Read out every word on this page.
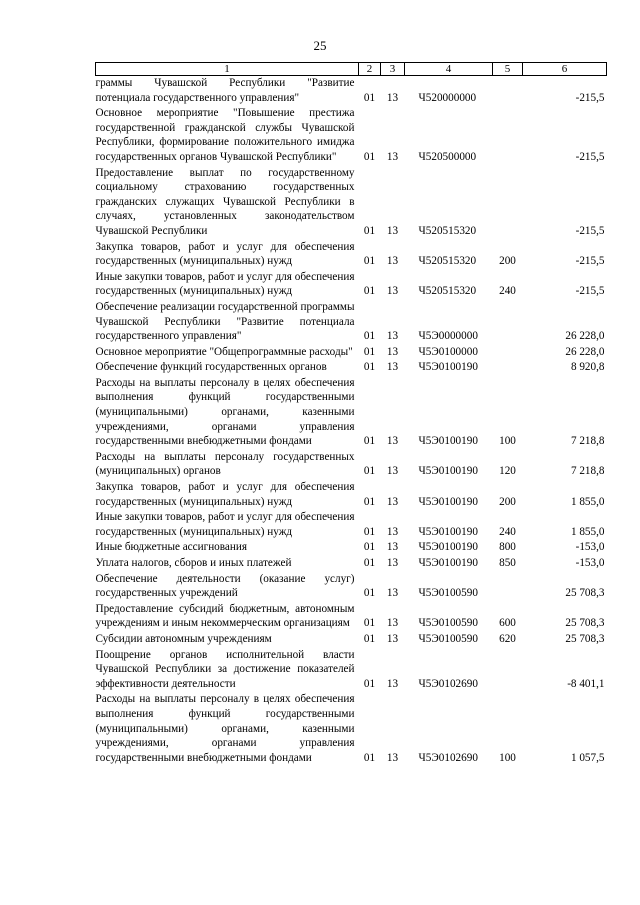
25
1	2	3	4	5	6
граммы Чувашской Республики "Развитие потенциала государственного управления"	01	13	Ч520000000		-215,5
Основное мероприятие "Повышение престижа государственной гражданской службы Чувашской Республики, формирование положительного имиджа государственных органов Чувашской Республики"	01	13	Ч520500000		-215,5
Предоставление выплат по государственному социальному страхованию государственных гражданских служащих Чувашской Республики в случаях, установленных законодательством Чувашской Республики	01	13	Ч520515320		-215,5
Закупка товаров, работ и услуг для обеспечения государственных (муниципальных) нужд	01	13	Ч520515320	200	-215,5
Иные закупки товаров, работ и услуг для обеспечения государственных (муниципальных) нужд	01	13	Ч520515320	240	-215,5
Обеспечение реализации государственной программы Чувашской Республики "Развитие потенциала государственного управления"	01	13	Ч5Э0000000		26 228,0
Основное мероприятие "Общепрограммные расходы"	01	13	Ч5Э0100000		26 228,0
Обеспечение функций государственных органов	01	13	Ч5Э0100190		8 920,8
Расходы на выплаты персоналу в целях обеспечения выполнения функций государственными (муниципальными) органами, казенными учреждениями, органами управления государственными внебюджетными фондами	01	13	Ч5Э0100190	100	7 218,8
Расходы на выплаты персоналу государственных (муниципальных) органов	01	13	Ч5Э0100190	120	7 218,8
Закупка товаров, работ и услуг для обеспечения государственных (муниципальных) нужд	01	13	Ч5Э0100190	200	1 855,0
Иные закупки товаров, работ и услуг для обеспечения государственных (муниципальных) нужд	01	13	Ч5Э0100190	240	1 855,0
Иные бюджетные ассигнования	01	13	Ч5Э0100190	800	-153,0
Уплата налогов, сборов и иных платежей	01	13	Ч5Э0100190	850	-153,0
Обеспечение деятельности (оказание услуг) государственных учреждений	01	13	Ч5Э0100590		25 708,3
Предоставление субсидий бюджетным, автономным учреждениям и иным некоммерческим организациям	01	13	Ч5Э0100590	600	25 708,3
Субсидии автономным учреждениям	01	13	Ч5Э0100590	620	25 708,3
Поощрение органов исполнительной власти Чувашской Республики за достижение показателей эффективности деятельности	01	13	Ч5Э0102690		-8 401,1
Расходы на выплаты персоналу в целях обеспечения выполнения функций государственными (муниципальными) органами, казенными учреждениями, органами управления государственными внебюджетными фондами	01	13	Ч5Э0102690	100	1 057,5
